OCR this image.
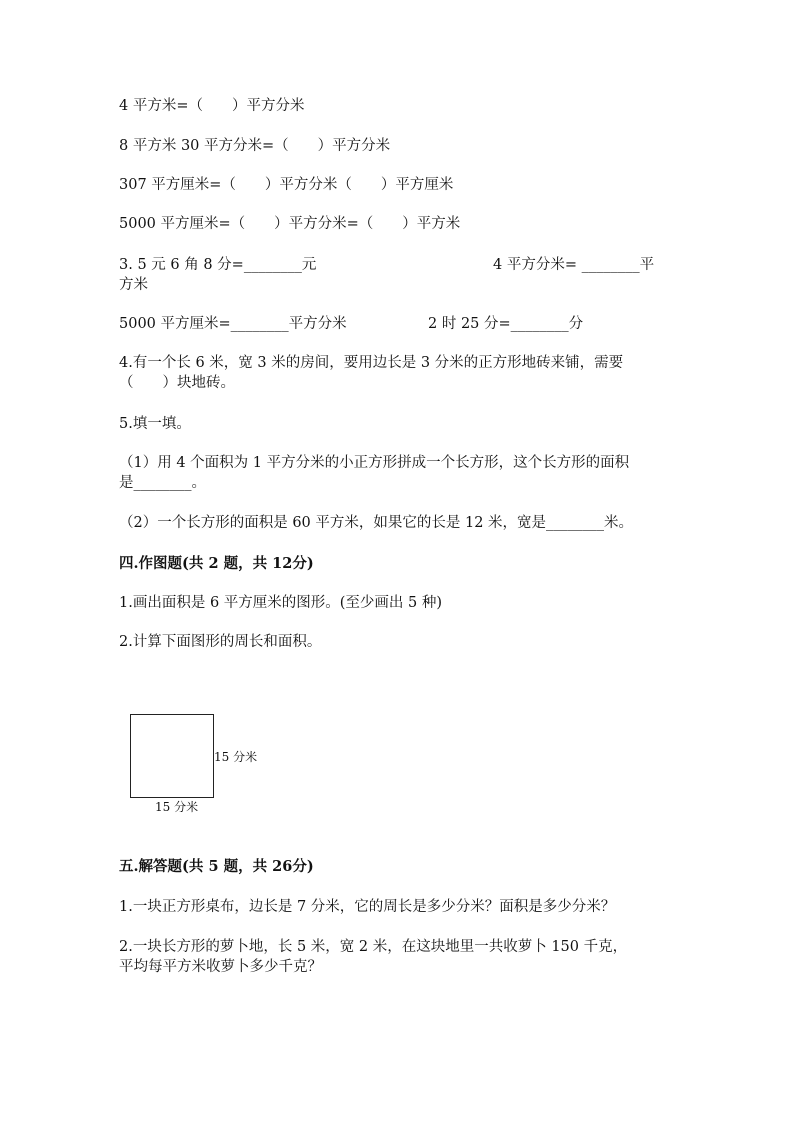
4 平方米=（　　）平方分米
8 平方米 30 平方分米=（　　）平方分米
307 平方厘米=（　　）平方分米（　　）平方厘米
5000 平方厘米=（　　）平方分米=（　　）平方米
3. 5 元 6 角 8 分=________元	4 平方分米= ________平
方米
5000 平方厘米=________平方分米	2 时 25 分=________分
4.有一个长 6 米，宽 3 米的房间，要用边长是 3 分米的正方形地砖来铺，需要
（　　）块地砖。
5.填一填。
（1）用 4 个面积为 1 平方分米的小正方形拼成一个长方形，这个长方形的面积
是________。
（2）一个长方形的面积是 60 平方米，如果它的长是 12 米，宽是________米。
四.作图题(共 2 题，共 12分)
1.画出面积是 6 平方厘米的图形。(至少画出 5 种)
2.计算下面图形的周长和面积。
15 分米
15 分米
五.解答题(共 5 题，共 26分)
1.一块正方形桌布，边长是 7 分米，它的周长是多少分米？面积是多少分米？
2.一块长方形的萝卜地，长 5 米，宽 2 米，在这块地里一共收萝卜 150 千克，
平均每平方米收萝卜多少千克？
